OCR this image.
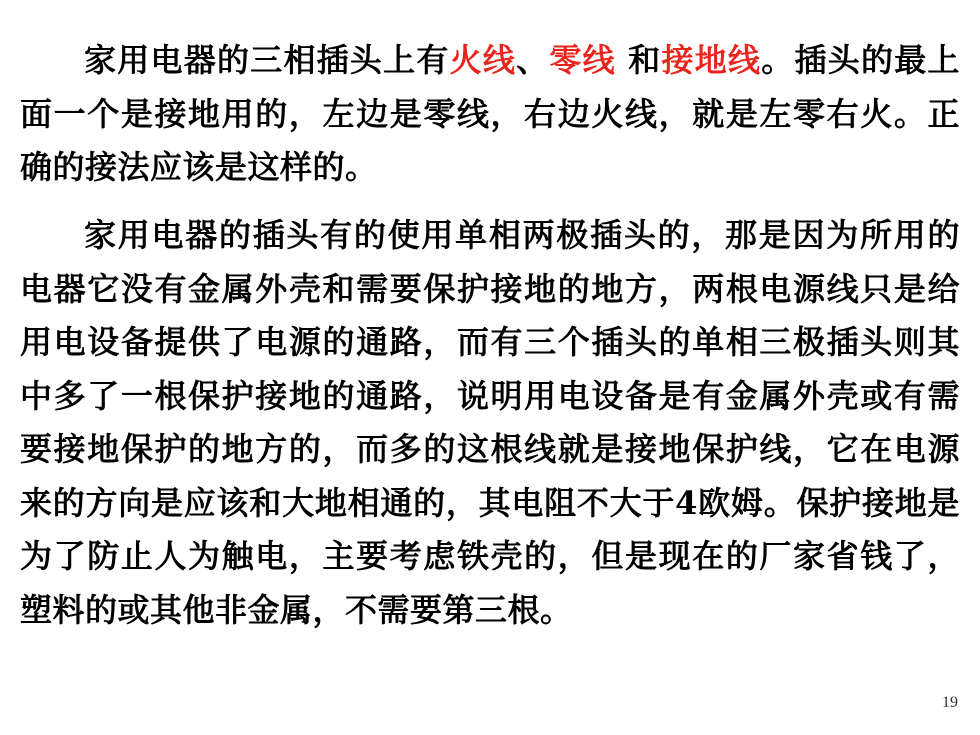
家用电器的三相插头上有火线、零线 和接地线。插头的最上面一个是接地用的，左边是零线，右边火线，就是左零右火。正确的接法应该是这样的。

家用电器的插头有的使用单相两极插头的，那是因为所用的电器它没有金属外壳和需要保护接地的地方，两根电源线只是给用电设备提供了电源的通路，而有三个插头的单相三极插头则其中多了一根保护接地的通路，说明用电设备是有金属外壳或有需要接地保护的地方的，而多的这根线就是接地保护线，它在电源来的方向是应该和大地相通的，其电阻不大于4欧姆。保护接地是为了防止人为触电，主要考虑铁壳的，但是现在的厂家省钱了，塑料的或其他非金属，不需要第三根。

19
